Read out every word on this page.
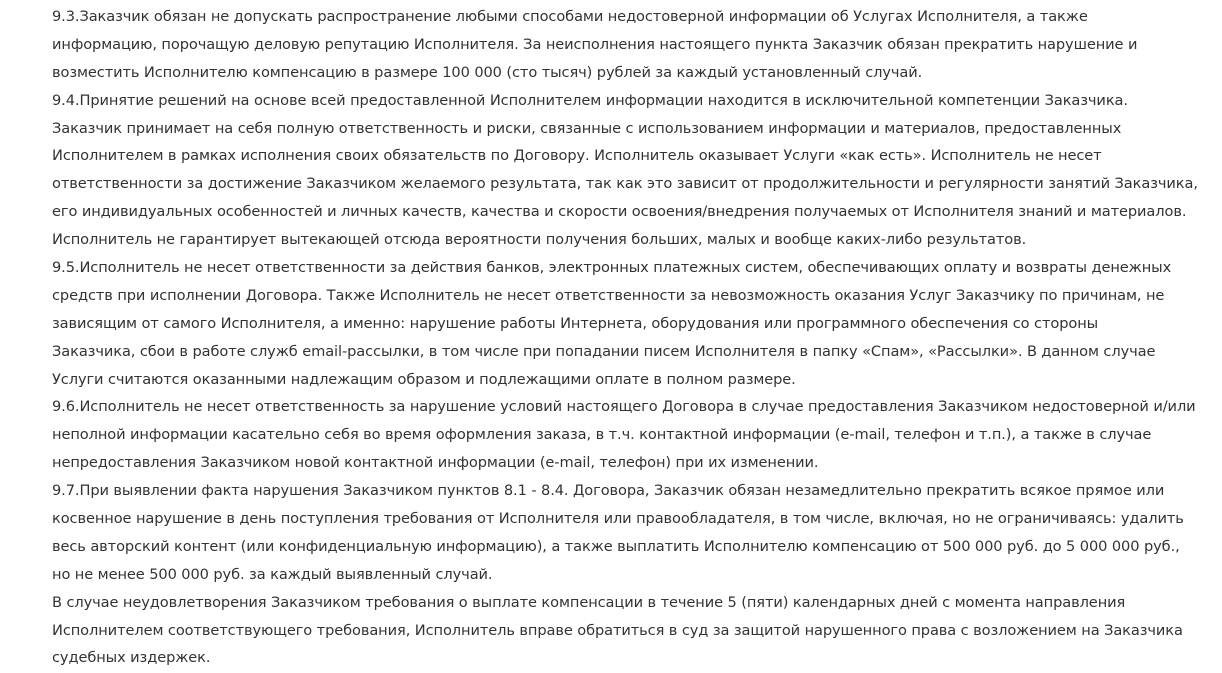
9.3.Заказчик обязан не допускать распространение любыми способами недостоверной информации об Услугах Исполнителя, а также
информацию, порочащую деловую репутацию Исполнителя. За неисполнения настоящего пункта Заказчик обязан прекратить нарушение и
возместить Исполнителю компенсацию в размере 100 000 (сто тысяч) рублей за каждый установленный случай.
9.4.Принятие решений на основе всей предоставленной Исполнителем информации находится в исключительной компетенции Заказчика.
Заказчик принимает на себя полную ответственность и риски, связанные с использованием информации и материалов, предоставленных
Исполнителем в рамках исполнения своих обязательств по Договору. Исполнитель оказывает Услуги «как есть». Исполнитель не несет
ответственности за достижение Заказчиком желаемого результата, так как это зависит от продолжительности и регулярности занятий Заказчика,
его индивидуальных особенностей и личных качеств, качества и скорости освоения/внедрения получаемых от Исполнителя знаний и материалов.
Исполнитель не гарантирует вытекающей отсюда вероятности получения больших, малых и вообще каких-либо результатов.
9.5.Исполнитель не несет ответственности за действия банков, электронных платежных систем, обеспечивающих оплату и возвраты денежных
средств при исполнении Договора. Также Исполнитель не несет ответственности за невозможность оказания Услуг Заказчику по причинам, не
зависящим от самого Исполнителя, а именно: нарушение работы Интернета, оборудования или программного обеспечения со стороны
Заказчика, сбои в работе служб email-рассылки, в том числе при попадании писем Исполнителя в папку «Спам», «Рассылки». В данном случае
Услуги считаются оказанными надлежащим образом и подлежащими оплате в полном размере.
9.6.Исполнитель не несет ответственность за нарушение условий настоящего Договора в случае предоставления Заказчиком недостоверной и/или
неполной информации касательно себя во время оформления заказа, в т.ч. контактной информации (e-mail, телефон и т.п.), а также в случае
непредоставления Заказчиком новой контактной информации (e-mail, телефон) при их изменении.
9.7.При выявлении факта нарушения Заказчиком пунктов 8.1 - 8.4. Договора, Заказчик обязан незамедлительно прекратить всякое прямое или
косвенное нарушение в день поступления требования от Исполнителя или правообладателя, в том числе, включая, но не ограничиваясь: удалить
весь авторский контент (или конфиденциальную информацию), а также выплатить Исполнителю компенсацию от 500 000 руб. до 5 000 000 руб.,
но не менее 500 000 руб. за каждый выявленный случай.
В случае неудовлетворения Заказчиком требования о выплате компенсации в течение 5 (пяти) календарных дней с момента направления
Исполнителем соответствующего требования, Исполнитель вправе обратиться в суд за защитой нарушенного права с возложением на Заказчика
судебных издержек.
